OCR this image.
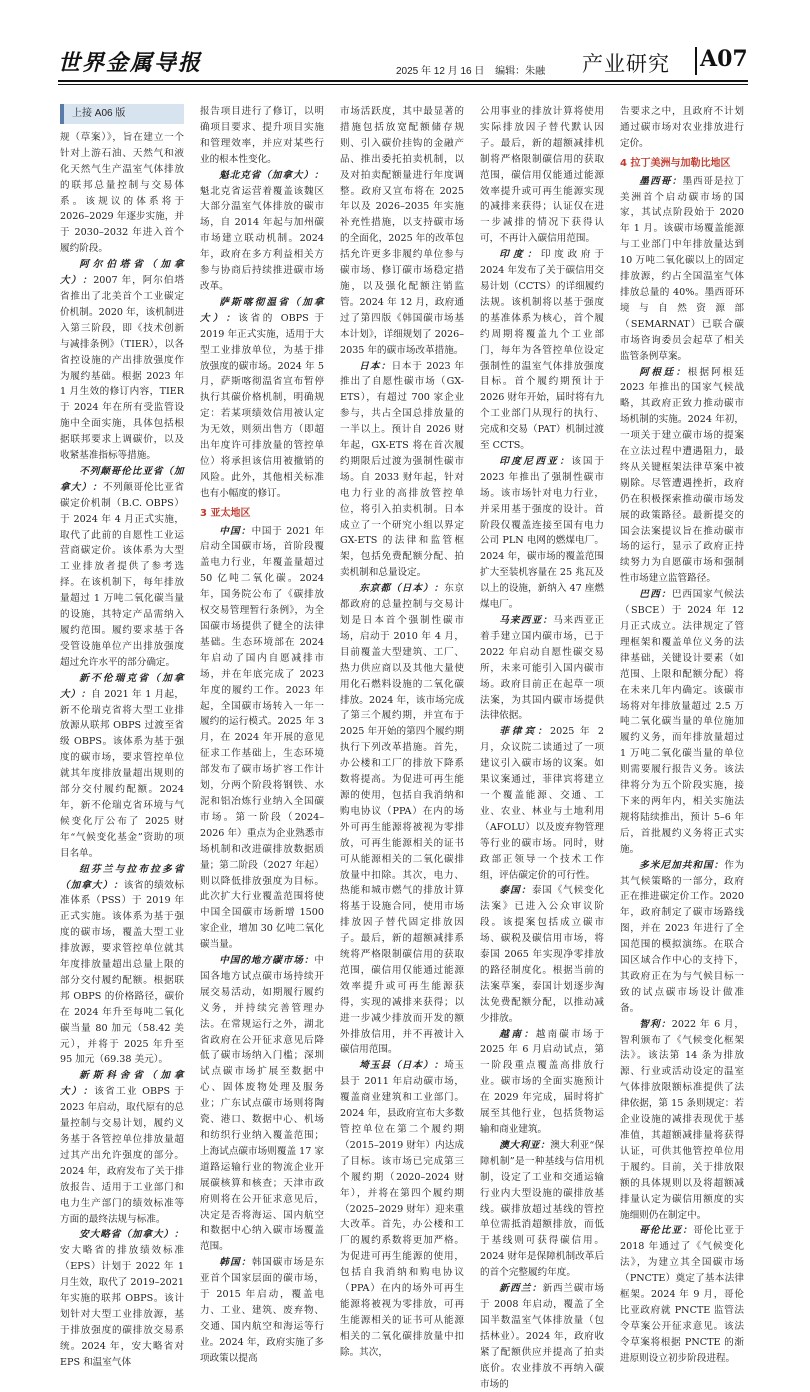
世界金属导报	2025 年 12 月 16 日 编辑：朱融	产业研究 A07
上接 A06 版

规（草案）》，旨在建立一个针对上游石油、天然气和液化天然气生产温室气体排放的联邦总量控制与交易体系。该规议的体系将于 2026–2029 年逐步实施，并于 2030–2032 年进入首个履约阶段。

阿尔伯塔省（加拿大）：2007 年，阿尔伯塔省推出了北美首个工业碳定价机制。2020 年，该机制进入第三阶段，即《技术创新与减排条例》（TIER），以各省控设施的产出排放强度作为履约基础。根据 2023 年 1 月生效的修订内容，TIER 于 2024 年在所有受监管设施中全面实施，具体包括根据联邦要求上调碳价，以及收紧基准指标等措施。

不列颠哥伦比亚省（加拿大）：不列颠哥伦比亚省碳定价机制（B.C. OBPS）于 2024 年 4 月正式实施，取代了此前的自愿性工业运营商碳定价。该体系为大型工业排放者提供了参考选择。在该机制下，每年排放量超过 1 万吨二氧化碳当量的设施，其特定产品需纳入履约范围。履约要求基于各受管设施单位产出排放强度超过允许水平的部分确定。

新不伦瑞克省（加拿大）：自 2021 年 1 月起，新不伦瑞克省将大型工业排放源从联邦 OBPS 过渡至省级 OBPS。该体系为基于强度的碳市场，要求管控单位就其年度排放量超出规则的部分交付履约配额。2024 年，新不伦瑞克省环境与气候变化厅公布了 2025 财年“气候变化基金”资助的项目名单。

纽芬兰与拉布拉多省（加拿大）：该省的绩效标准体系（PSS）于 2019 年正式实施。该体系为基于强度的碳市场，覆盖大型工业排放源，要求管控单位就其年度排放量超出总量上限的部分交付履约配额。根据联邦 OBPS 的价格路径，碳价在 2024 年升至每吨二氧化碳当量 80 加元（58.42 美元），并将于 2025 年升至 95 加元（69.38 美元）。

新斯科舍省（加拿大）：该省工业 OBPS 于 2023 年启动，取代原有的总量控制与交易计划，履约义务基于各管控单位排放量超过其产出允许强度的部分。2024 年，政府发布了关于排放报告、适用于工业部门和电力生产部门的绩效标准等方面的最终法规与标准。

安大略省（加拿大）：安大略省的排放绩效标准（EPS）计划于 2022 年 1 月生效，取代了 2019–2021 年实施的联邦 OBPS。该计划针对大型工业排放源，基于排放强度的碳排放交易系统。2024 年，安大略省对 EPS 和温室气体

报告项目进行了修订，以明确项目要求、提升项目实施和管理效率，并应对某些行业的根本性变化。

魁北克省（加拿大）：魁北克省运营着覆盖该魏区大部分温室气体排放的碳市场，自 2014 年起与加州碳市场建立联动机制。2024 年，政府在多方利益相关方参与协商后持续推进碳市场改革。

萨斯喀彻温省（加拿大）：该省的 OBPS 于 2019 年正式实施，适用于大型工业排放单位，为基于排放强度的碳市场。2024 年 5 月，萨斯喀彻温省宣布暂停执行其碳价格机制，明确规定：若某项绩效信用被认定为无效，则须出售方（即超出年度许可排放量的管控单位）将承担该信用被撤销的风险。此外，其他相关标准也有小幅度的修订。

3 亚太地区

中国：中国于 2021 年启动全国碳市场，首阶段覆盖电力行业，年覆盖量超过 50 亿吨二氧化碳。2024 年，国务院公布了《碳排放权交易管理暂行条例》，为全国碳市场提供了健全的法律基础。生态环境部在 2024 年启动了国内自愿减排市场，并在年底完成了 2023 年度的履约工作。2023 年起，全国碳市场转入一年一履约的运行模式。2025 年 3 月，在 2024 年开展的意见征求工作基础上，生态环境部发布了碳市场扩容工作计划，分两个阶段将钢铁、水泥和铝冶炼行业纳入全国碳市场。第一阶段（2024–2026 年）重点为企业熟悉市场机制和改进碳排放数据质量；第二阶段（2027 年起）则以降低排放强度为目标。此次扩大行业覆盖范围将使中国全国碳市场新增 1500 家企业，增加 30 亿吨二氧化碳当量。

中国的地方碳市场：中国各地方试点碳市场持续开展交易活动，如期履行履约义务，并持续完善管理办法。在常规运行之外，湖北省政府在公开征求意见后降低了碳市场纳入门槛；深圳试点碳市场扩展至数据中心、固体废物处理及服务业；广东试点碳市场则将陶瓷、港口、数据中心、机场和纺织行业纳入覆盖范围；上海试点碳市场则覆盖 17 家道路运输行业的物流企业开展碳核算和核查；天津市政府则将在公开征求意见后，决定是否将海运、国内航空和数据中心纳入碳市场覆盖范围。

韩国：韩国碳市场是东亚首个国家层面的碳市场，于 2015 年启动，覆盖电力、工业、建筑、废弃物、交通、国内航空和海运等行业。2024 年，政府实施了多项政策以提高

市场活跃度，其中最显著的措施包括放宽配额储存规则、引入碳价挂钩的金融产品、推出委托拍卖机制，以及对拍卖配额量进行年度调整。政府又宣布将在 2025 年以及 2026–2035 年实施补充性措施，以支持碳市场的全面化，2025 年的改革包括允许更多非履约单位参与碳市场、修订碳市场稳定措施，以及强化配额注销监管。2024 年 12 月，政府通过了第四版《韩国碳市场基本计划》，详细规划了 2026–2035 年的碳市场改革措施。

日本：日本于 2023 年推出了自愿性碳市场（GX-ETS），有超过 700 家企业参与，共占全国总排放量的一半以上。预计自 2026 财年起，GX-ETS 将在首次履约期限后过渡为强制性碳市场。自 2033 财年起，针对电力行业的高排放管控单位，将引入拍卖机制。日本成立了一个研究小组以界定 GX-ETS 的法律和监管框架，包括免费配额分配、拍卖机制和总量设定。

东京都（日本）：东京都政府的总量控制与交易计划是日本首个强制性碳市场，启动于 2010 年 4 月，目前覆盖大型建筑、工厂、热力供应商以及其他大量使用化石燃料设施的二氧化碳排放。2024 年，该市场完成了第三个履约期，并宣布于 2025 年开始的第四个履约期执行下列改革措施。首先，办公楼和工厂的排放下降系数将提高。为促进可再生能源的使用，包括自我消纳和购电协议（PPA）在内的场外可再生能源将被视为零排放，可再生能源相关的证书可从能源相关的二氧化碳排放量中扣除。其次，电力、热能和城市燃气的排放计算将基于设施合同，使用市场排放因子替代固定排放因子。最后，新的超额减排系统将严格限制碳信用的获取范围，碳信用仅能通过能源效率提升或可再生能源获得，实现的减排来获得；以进一步减少排放而开发的额外排放信用，并不再被计入碳信用范围。

埼玉县（日本）：埼玉县于 2011 年启动碳市场，覆盖商业建筑和工业部门。2024 年，县政府宣布大多数管控单位在第二个履约期（2015–2019 财年）内达成了目标。该市场已完成第三个履约期（2020–2024 财年），并将在第四个履约期（2025–2029 财年）迎来重大改革。首先，办公楼和工厂的履约系数将更加严格。为促进可再生能源的使用，包括自我消纳和购电协议（PPA）在内的场外可再生能源将被视为零排放，可再生能源相关的证书可从能源相关的二氧化碳排放量中扣除。其次，

公用事业的排放计算将使用实际排放因子替代默认因子。最后，新的超额减排机制将严格限制碳信用的获取范围，碳信用仅能通过能源效率提升或可再生能源实现的减排来获得；认证仅在进一步减排的情况下获得认可，不再计入碳信用范围。

印度：印度政府于 2024 年发布了关于碳信用交易计划（CCTS）的详细履约法规。该机制将以基于强度的基准体系为核心，首个履约周期将覆盖九个工业部门，每年为各管控单位设定强制性的温室气体排放强度目标。首个履约期预计于 2026 财年开始，届时将有九个工业部门从现行的执行、完成和交易（PAT）机制过渡至 CCTS。

印度尼西亚：该国于 2023 年推出了强制性碳市场。该市场针对电力行业，并采用基于强度的设计。首阶段仅覆盖连接至国有电力公司 PLN 电网的燃煤电厂。2024 年，碳市场的覆盖范围扩大至装机容量在 25 兆瓦及以上的设施，新纳入 47 座燃煤电厂。

马来西亚：马来西亚正着手建立国内碳市场，已于 2022 年启动自愿性碳交易所，未来可能引入国内碳市场。政府目前正在起草一项法案，为其国内碳市场提供法律依据。

菲律宾：2025 年 2 月，众议院二读通过了一项建议引入碳市场的议案。如果议案通过，菲律宾将建立一个覆盖能源、交通、工业、农业、林业与土地利用（AFOLU）以及废弃物管理等行业的碳市场。同时，财政部正领导一个技术工作组，评估碳定价的可行性。

泰国：泰国《气候变化法案》已进入公众审议阶段。该提案包括成立碳市场、碳税及碳信用市场，将泰国 2065 年实现净零排放的路径制度化。根据当前的法案草案，泰国计划逐步淘汰免费配额分配，以推动减少排放。

越南：越南碳市场于 2025 年 6 月启动试点，第一阶段重点覆盖高排放行业。碳市场的全面实施预计在 2029 年完成，届时将扩展至其他行业，包括货物运输和商业建筑。

澳大利亚：澳大利亚“保障机制”是一种基线与信用机制，设定了工业和交通运输行业内大型设施的碳排放基线。碳排放超过基线的管控单位需抵消超额排放，而低于基线则可获得碳信用。2024 财年是保障机制改革后的首个完整履约年度。

新西兰：新西兰碳市场于 2008 年启动，覆盖了全国半数温室气体排放量（包括林业）。2024 年，政府收紧了配额供应并提高了拍卖底价。农业排放不再纳入碳市场的

告要求之中，且政府不计划通过碳市场对农业排放进行定价。

4 拉丁美洲与加勒比地区

墨西哥：墨西哥是拉丁美洲首个启动碳市场的国家，其试点阶段始于 2020 年 1 月。该碳市场覆盖能源与工业部门中年排放量达到 10 万吨二氧化碳以上的固定排放源，约占全国温室气体排放总量的 40%。墨西哥环境与自然资源部（SEMARNAT）已联合碳市场咨询委员会起草了相关监管条例草案。

阿根廷：根据阿根廷 2023 年推出的国家气候战略，其政府正致力推动碳市场机制的实施。2024 年初，一项关于建立碳市场的提案在立法过程中遭遇阻力，最终从关键框架法律草案中被剔除。尽管遭遇挫折，政府仍在积极探索推动碳市场发展的政策路径。最新提交的国会法案提议旨在推动碳市场的运行，显示了政府正持续努力为自愿碳市场和强制性市场建立监管路径。

巴西：巴西国家气候法（SBCE）于 2024 年 12 月正式成立。法律规定了管理框架和覆盖单位义务的法律基础，关键设计要素（如范围、上限和配额分配）将在未来几年内确定。该碳市场将对年排放量超过 2.5 万吨二氧化碳当量的单位施加履约义务，而年排放量超过 1 万吨二氧化碳当量的单位则需要履行报告义务。该法律将分为五个阶段实施，接下来的两年内，相关实施法规将陆续推出，预计 5–6 年后，首批履约义务将正式实施。

多米尼加共和国：作为其气候策略的一部分，政府正在推进碳定价工作。2020 年，政府制定了碳市场路线图，并在 2023 年进行了全国范围的模拟演练。在联合国区域合作中心的支持下，其政府正在为与气候目标一致的试点碳市场设计做准备。

智利：2022 年 6 月，智利颁布了《气候变化框架法》。该法第 14 条为排放源、行业或活动设定的温室气体排放限额标准提供了法律依据，第 15 条则规定：若企业设施的减排表现优于基准值，其超额减排量将获得认证，可供其他管控单位用于履约。目前，关于排放限额的具体规则以及将超额减排量认定为碳信用额度的实施细则仍在制定中。

哥伦比亚：哥伦比亚于 2018 年通过了《气候变化法》，为建立其全国碳市场（PNCTE）奠定了基本法律框架。2024 年 9 月，哥伦比亚政府就 PNCTE 监管法令草案公开征求意见。该法令草案将根据 PNCTE 的渐进原则设立初步阶段进程。
